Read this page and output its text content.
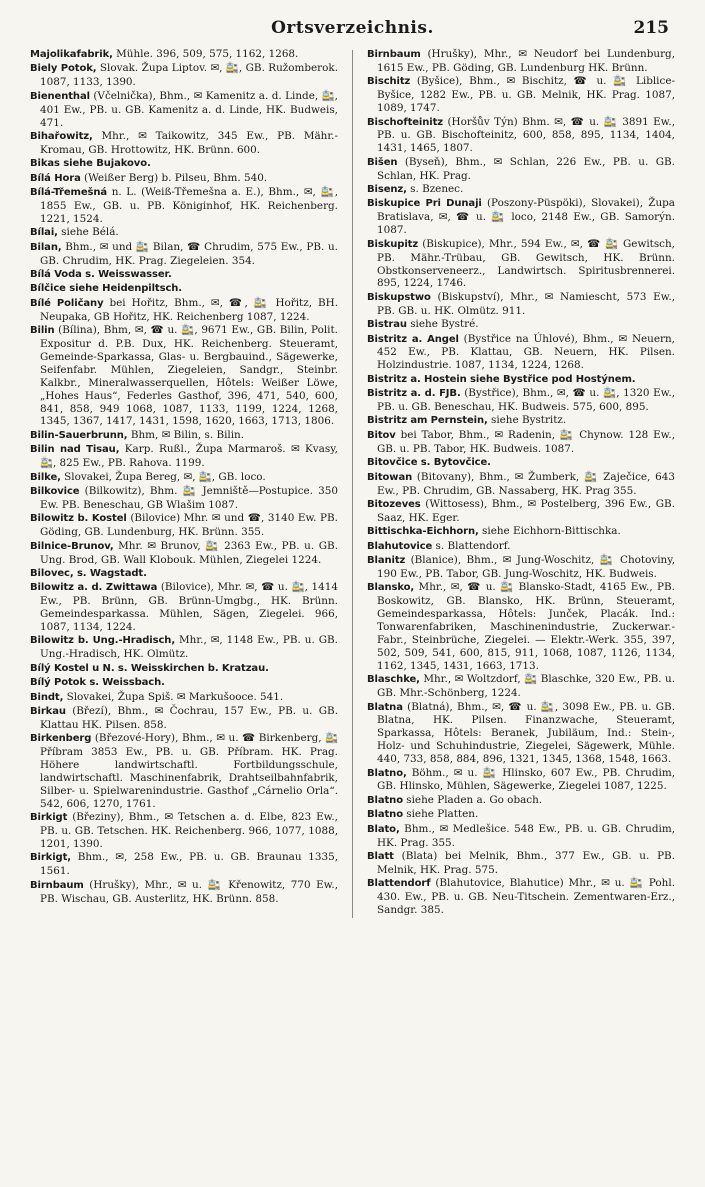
Ortsverzeichnis.	215

Majolikafabrik, Mühle. 396, 509, 575, 1162, 1268.

Biely Potok, Slovak. Župa Liptov. ✉, 🚉, GB. Ružomberok. 1087, 1133, 1390.

Bienenthal (Včelnička), Bhm., ✉ Kamenitz a. d. Linde, 🚉, 401 Ew., PB. u. GB. Kamenitz a. d. Linde, HK. Budweis, 471.

Bihařowitz, Mhr., ✉ Taikowitz, 345 Ew., PB. Mähr.-Kromau, GB. Hrottowitz, HK. Brünn. 600.

Bikas siehe Bujakovo.

Bílá Hora (Weißer Berg) b. Pilseu, Bhm. 540.

Bílá-Třemešná n. L. (Weiß-Třemešna a. E.), Bhm., ✉, 🚉, 1855 Ew., GB. u. PB. Königinhof, HK. Reichenberg. 1221, 1524.

Bílai, siehe Bélá.

Bilan, Bhm., ✉ und 🚉 Bilan, ☎ Chrudim, 575 Ew., PB. u. GB. Chrudim, HK. Prag. Ziegeleien. 354.

Bílá Voda s. Weisswasser.

Bílčice siehe Heidenpiltsch.

Bílé Poličany bei Hořitz, Bhm., ✉, ☎, 🚉 Hořitz, BH. Neupaka, GB Hořitz, HK. Reichenberg 1087, 1224.

Bilin (Bílina), Bhm, ✉, ☎ u. 🚉, 9671 Ew., GB. Bilin, Polit. Expositur d. P.B. Dux, HK. Reichenberg. Steueramt, Gemeinde-Sparkassa, Glas- u. Bergbauind., Sägewerke, Seifenfabr. Mühlen, Ziegeleien, Sandgr., Steinbr. Kalkbr., Mineralwasserquellen, Hôtels: Weißer Löwe, „Hohes Haus“, Federles Gasthof, 396, 471, 540, 600, 841, 858, 949 1068, 1087, 1133, 1199, 1224, 1268, 1345, 1367, 1417, 1431, 1598, 1620, 1663, 1713, 1806.

Bilin-Sauerbrunn, Bhm, ✉ Bilin, s. Bilin.

Bilin nad Tisau, Karp. Rußl., Župa Marmaroš. ✉ Kvasy, 🚉, 825 Ew., PB. Rahova. 1199.

Bilke, Slovakei, Župa Bereg, ✉, 🚉, GB. loco.

Bilkovice (Bilkowitz), Bhm. 🚉 Jemniště—Postupice. 350 Ew. PB. Beneschau, GB Wlašim 1087.

Bilowitz b. Kostel (Bilovice) Mhr. ✉ und ☎, 3140 Ew. PB. Göding, GB. Lundenburg, HK. Brünn. 355.

Bilnice-Brunov, Mhr. ✉ Brunov, 🚉 2363 Ew., PB. u. GB. Ung. Brod, GB. Wall Klobouk. Mühlen, Ziegelei 1224.

Bilovec, s. Wagstadt.

Bilowitz a. d. Zwittawa (Bilovice), Mhr. ✉, ☎ u. 🚉, 1414 Ew., PB. Brünn, GB. Brünn-Umgbg., HK. Brünn. Gemeindesparkassa. Mühlen, Sägen, Ziegelei. 966, 1087, 1134, 1224.

Bilowitz b. Ung.-Hradisch, Mhr., ✉, 1148 Ew., PB. u. GB. Ung.-Hradisch, HK. Olmütz.

Bílý Kostel u N. s. Weisskirchen b. Kratzau.

Bílý Potok s. Weissbach.

Bindt, Slovakei, Župa Spiš. ✉ Markušooce. 541.

Birkau (Březí), Bhm., ✉ Čochrau, 157 Ew., PB. u. GB. Klattau HK. Pilsen. 858.

Birkenberg (Březové-Hory), Bhm., ✉ u. ☎ Birkenberg, 🚉 Příbram 3853 Ew., PB. u. GB. Příbram. HK. Prag. Höhere landwirtschaftl. Fortbildungsschule, landwirtschaftl. Maschinenfabrik, Drahtseilbahnfabrik, Silber- u. Spielwarenindustrie. Gasthof „Cárnelio Orla“. 542, 606, 1270, 1761.

Birkigt (Březiny), Bhm., ✉ Tetschen a. d. Elbe, 823 Ew., PB. u. GB. Tetschen. HK. Reichenberg. 966, 1077, 1088, 1201, 1390.

Birkigt, Bhm., ✉, 258 Ew., PB. u. GB. Braunau 1335, 1561.

Birnbaum (Hrušky), Mhr., ✉ u. 🚉 Křenowitz, 770 Ew., PB. Wischau, GB. Austerlitz, HK. Brünn. 858.

Birnbaum (Hrušky), Mhr., ✉ Neudorf bei Lundenburg, 1615 Ew., PB. Göding, GB. Lundenburg HK. Brünn.

Bischitz (Byšice), Bhm., ✉ Bischitz, ☎ u. 🚉 Liblice-Byšice, 1282 Ew., PB. u. GB. Melnik, HK. Prag. 1087, 1089, 1747.

Bischofteinitz (Horšův Týn) Bhm. ✉, ☎ u. 🚉 3891 Ew., PB. u. GB. Bischofteinitz, 600, 858, 895, 1134, 1404, 1431, 1465, 1807.

Bišen (Byseň), Bhm., ✉ Schlan, 226 Ew., PB. u. GB. Schlan, HK. Prag.

Bisenz, s. Bzenec.

Biskupice Pri Dunaji (Poszony-Püspöki), Slovakei), Župa Bratislava, ✉, ☎ u. 🚉 loco, 2148 Ew., GB. Samorýn. 1087.

Biskupitz (Biskupice), Mhr., 594 Ew., ✉, ☎ 🚉 Gewitsch, PB. Mähr.-Trübau, GB. Gewitsch, HK. Brünn. Obstkonserveneerz., Landwirtsch. Spiritusbrennerei. 895, 1224, 1746.

Biskupstwo (Biskupství), Mhr., ✉ Namiescht, 573 Ew., PB. GB. u. HK. Olmütz. 911.

Bistrau siehe Bystré.

Bistritz a. Angel (Bystřice na Úhlové), Bhm., ✉ Neuern, 452 Ew., PB. Klattau, GB. Neuern, HK. Pilsen. Holzindustrie. 1087, 1134, 1224, 1268.

Bistritz a. Hostein siehe Bystřice pod Hostýnem.

Bistritz a. d. FJB. (Bystřice), Bhm., ✉, ☎ u. 🚉, 1320 Ew., PB. u. GB. Beneschau, HK. Budweis. 575, 600, 895.

Bistritz am Pernstein, siehe Bystritz.

Bitov bei Tabor, Bhm., ✉ Radenin, 🚉 Chynow. 128 Ew., GB. u. PB. Tabor, HK. Budweis. 1087.

Bitovčice s. Bytovčice.

Bitowan (Bitovany), Bhm., ✉ Žumberk, 🚉 Zaječice, 643 Ew., PB. Chrudim, GB. Nassaberg, HK. Prag 355.

Bitozeves (Wittosess), Bhm., ✉ Postelberg, 396 Ew., GB. Saaz, HK. Eger.

Bittischka-Eichhorn, siehe Eichhorn-Bittischka.

Blahutovice s. Blattendorf.

Blanitz (Blanice), Bhm., ✉ Jung-Woschitz, 🚉 Chotoviny, 190 Ew., PB. Tabor, GB. Jung-Woschitz, HK. Budweis.

Blansko, Mhr., ✉, ☎ u. 🚉 Blansko-Stadt, 4165 Ew., PB. Boskowitz, GB. Blansko, HK. Brünn, Steueramt, Gemeindesparkassa, Hôtels: Junček, Placák. Ind.: Tonwarenfabriken, Maschinenindustrie, Zuckerwar.-Fabr., Steinbrüche, Ziegelei. — Elektr.-Werk. 355, 397, 502, 509, 541, 600, 815, 911, 1068, 1087, 1126, 1134, 1162, 1345, 1431, 1663, 1713.

Blaschke, Mhr., ✉ Woltzdorf, 🚉 Blaschke, 320 Ew., PB. u. GB. Mhr.-Schönberg, 1224.

Blatna (Blatná), Bhm., ✉, ☎ u. 🚉, 3098 Ew., PB. u. GB. Blatna, HK. Pilsen. Finanzwache, Steueramt, Sparkassa, Hôtels: Beranek, Jubiläum, Ind.: Stein-, Holz- und Schuhindustrie, Ziegelei, Sägewerk, Mühle. 440, 733, 858, 884, 896, 1321, 1345, 1368, 1548, 1663.

Blatno, Böhm., ✉ u. 🚉 Hlinsko, 607 Ew., PB. Chrudim, GB. Hlinsko, Mühlen, Sägewerke, Ziegelei 1087, 1225.

Blatno siehe Pladen a. Go obach.

Blatno siehe Platten.

Blato, Bhm., ✉ Medlešice. 548 Ew., PB. u. GB. Chrudim, HK. Prag. 355.

Blatt (Blata) bei Melnik, Bhm., 377 Ew., GB. u. PB. Melnik, HK. Prag. 575.

Blattendorf (Blahutovice, Blahutice) Mhr., ✉ u. 🚉 Pohl. 430. Ew., PB. u. GB. Neu-Titschein. Zementwaren-Erz., Sandgr. 385.
